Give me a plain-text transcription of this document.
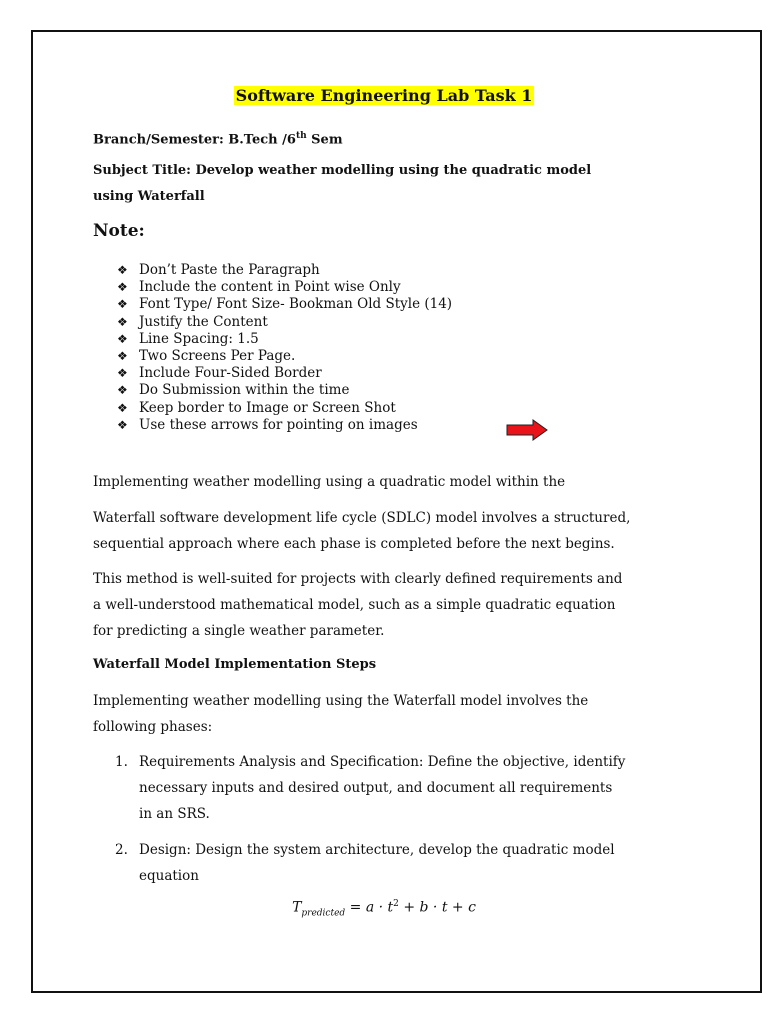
Software Engineering Lab Task 1
Branch/Semester: B.Tech /6th Sem
Subject Title: Develop weather modelling using the quadratic model
using Waterfall
Note:
❖ Don’t Paste the Paragraph
❖ Include the content in Point wise Only
❖ Font Type/ Font Size- Bookman Old Style (14)
❖ Justify the Content
❖ Line Spacing: 1.5
❖ Two Screens Per Page.
❖ Include Four-Sided Border
❖ Do Submission within the time
❖ Keep border to Image or Screen Shot
❖ Use these arrows for pointing on images

Implementing weather modelling using a quadratic model within the

Waterfall software development life cycle (SDLC) model involves a structured,
sequential approach where each phase is completed before the next begins.

This method is well-suited for projects with clearly defined requirements and
a well-understood mathematical model, such as a simple quadratic equation
for predicting a single weather parameter.

Waterfall Model Implementation Steps

Implementing weather modelling using the Waterfall model involves the
following phases:

1. Requirements Analysis and Specification: Define the objective, identify
necessary inputs and desired output, and document all requirements
in an SRS.
2. Design: Design the system architecture, develop the quadratic model
equation
$T_{predicted} = a \cdot t^2 + b \cdot t + c$
